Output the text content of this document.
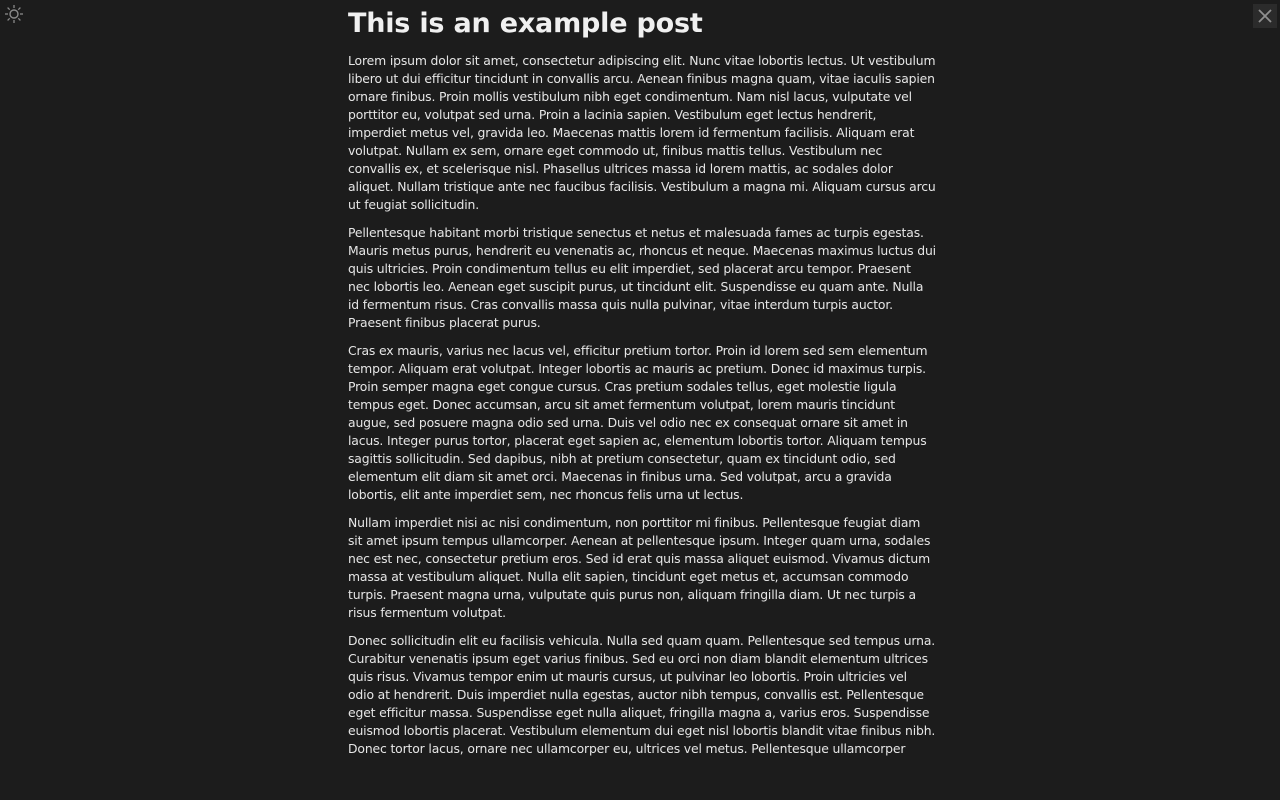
This is an example post

Lorem ipsum dolor sit amet, consectetur adipiscing elit. Nunc vitae lobortis lectus. Ut vestibulum libero ut dui efficitur tincidunt in convallis arcu. Aenean finibus magna quam, vitae iaculis sapien ornare finibus. Proin mollis vestibulum nibh eget condimentum. Nam nisl lacus, vulputate vel porttitor eu, volutpat sed urna. Proin a lacinia sapien. Vestibulum eget lectus hendrerit, imperdiet metus vel, gravida leo. Maecenas mattis lorem id fermentum facilisis. Aliquam erat volutpat. Nullam ex sem, ornare eget commodo ut, finibus mattis tellus. Vestibulum nec convallis ex, et scelerisque nisl. Phasellus ultrices massa id lorem mattis, ac sodales dolor aliquet. Nullam tristique ante nec faucibus facilisis. Vestibulum a magna mi. Aliquam cursus arcu ut feugiat sollicitudin.

Pellentesque habitant morbi tristique senectus et netus et malesuada fames ac turpis egestas. Mauris metus purus, hendrerit eu venenatis ac, rhoncus et neque. Maecenas maximus luctus dui quis ultricies. Proin condimentum tellus eu elit imperdiet, sed placerat arcu tempor. Praesent nec lobortis leo. Aenean eget suscipit purus, ut tincidunt elit. Suspendisse eu quam ante. Nulla id fermentum risus. Cras convallis massa quis nulla pulvinar, vitae interdum turpis auctor. Praesent finibus placerat purus.

Cras ex mauris, varius nec lacus vel, efficitur pretium tortor. Proin id lorem sed sem elementum tempor. Aliquam erat volutpat. Integer lobortis ac mauris ac pretium. Donec id maximus turpis. Proin semper magna eget congue cursus. Cras pretium sodales tellus, eget molestie ligula tempus eget. Donec accumsan, arcu sit amet fermentum volutpat, lorem mauris tincidunt augue, sed posuere magna odio sed urna. Duis vel odio nec ex consequat ornare sit amet in lacus. Integer purus tortor, placerat eget sapien ac, elementum lobortis tortor. Aliquam tempus sagittis sollicitudin. Sed dapibus, nibh at pretium consectetur, quam ex tincidunt odio, sed elementum elit diam sit amet orci. Maecenas in finibus urna. Sed volutpat, arcu a gravida lobortis, elit ante imperdiet sem, nec rhoncus felis urna ut lectus.

Nullam imperdiet nisi ac nisi condimentum, non porttitor mi finibus. Pellentesque feugiat diam sit amet ipsum tempus ullamcorper. Aenean at pellentesque ipsum. Integer quam urna, sodales nec est nec, consectetur pretium eros. Sed id erat quis massa aliquet euismod. Vivamus dictum massa at vestibulum aliquet. Nulla elit sapien, tincidunt eget metus et, accumsan commodo turpis. Praesent magna urna, vulputate quis purus non, aliquam fringilla diam. Ut nec turpis a risus fermentum volutpat.

Donec sollicitudin elit eu facilisis vehicula. Nulla sed quam quam. Pellentesque sed tempus urna. Curabitur venenatis ipsum eget varius finibus. Sed eu orci non diam blandit elementum ultrices quis risus. Vivamus tempor enim ut mauris cursus, ut pulvinar leo lobortis. Proin ultricies vel odio at hendrerit. Duis imperdiet nulla egestas, auctor nibh tempus, convallis est. Pellentesque eget efficitur massa. Suspendisse eget nulla aliquet, fringilla magna a, varius eros. Suspendisse euismod lobortis placerat. Vestibulum elementum dui eget nisl lobortis blandit vitae finibus nibh. Donec tortor lacus, ornare nec ullamcorper eu, ultrices vel metus. Pellentesque ullamcorper
